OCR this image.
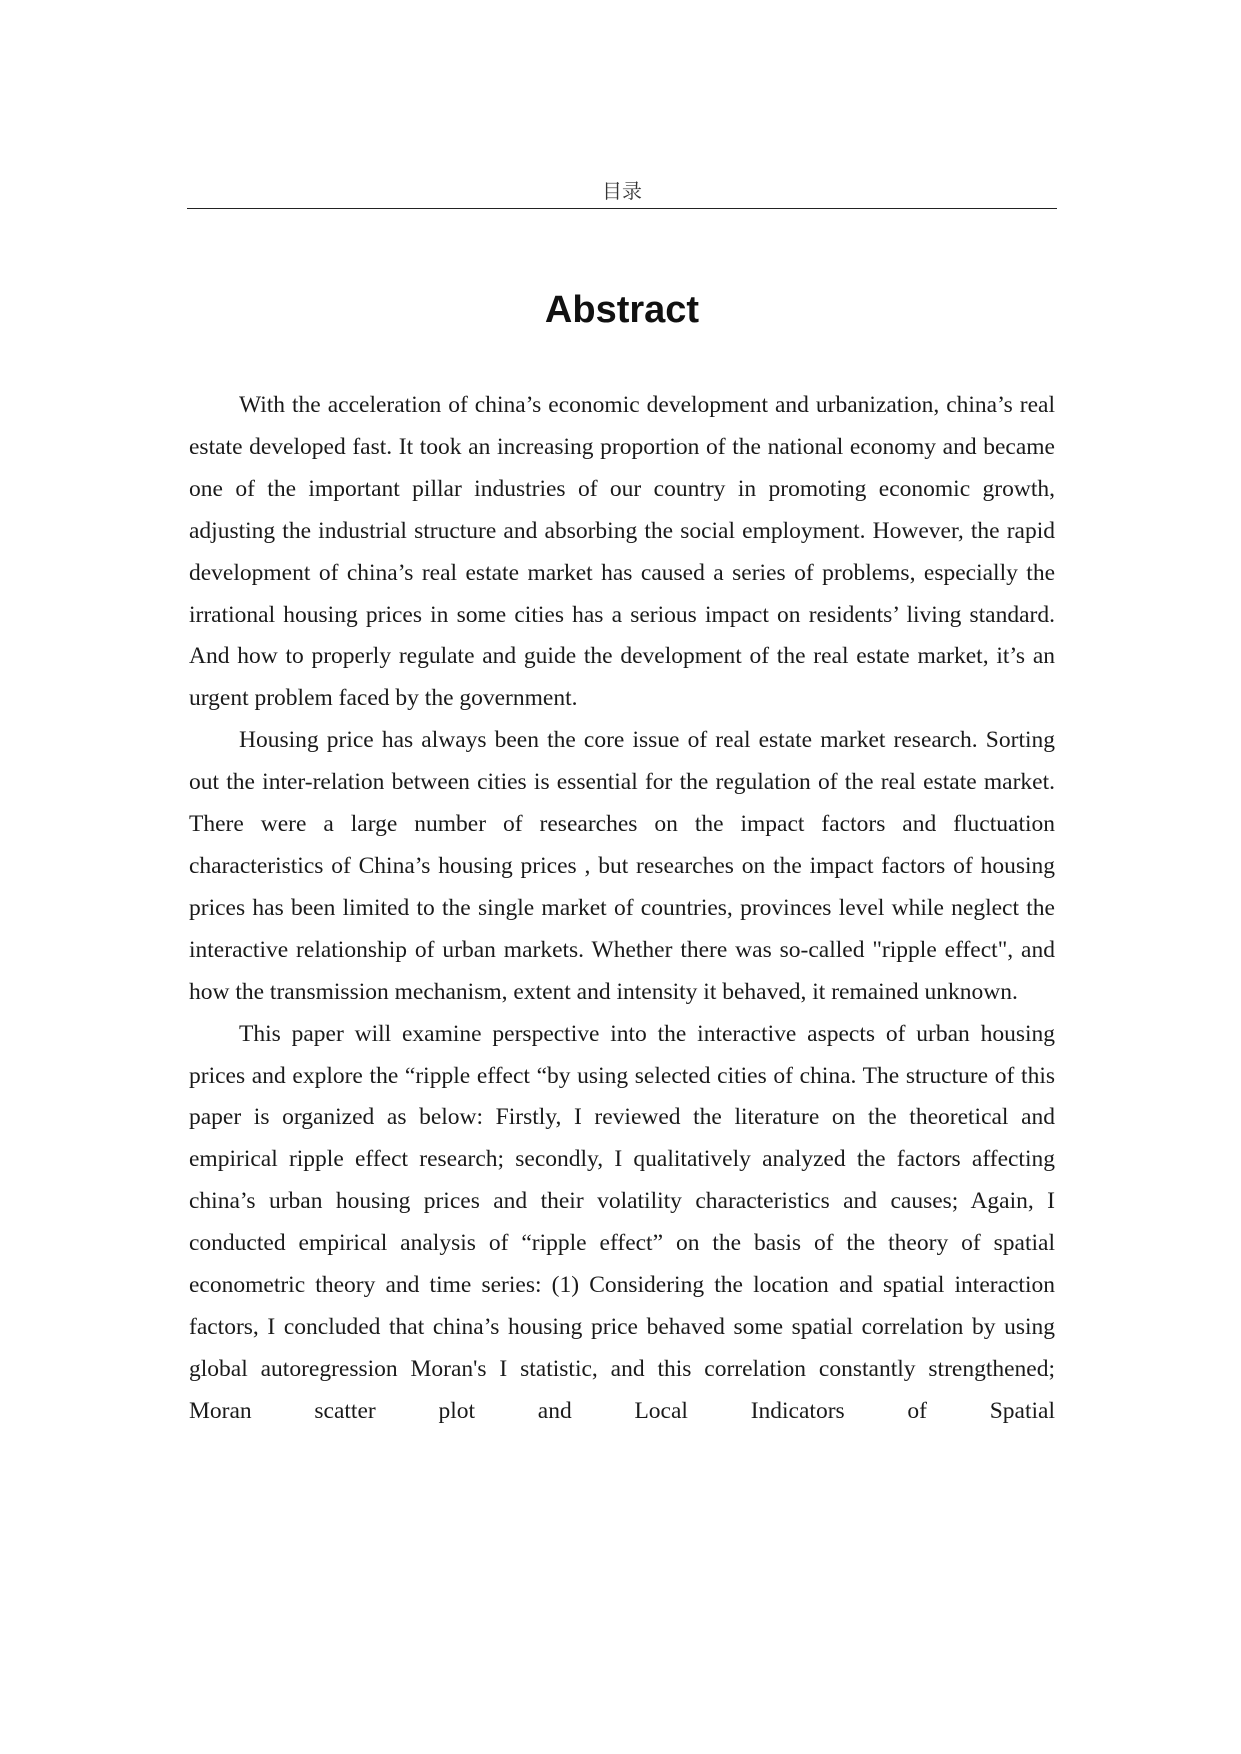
目录
Abstract

With the acceleration of china’s economic development and urbanization, china’s real estate developed fast. It took an increasing proportion of the national economy and became one of the important pillar industries of our country in promoting economic growth, adjusting the industrial structure and absorbing the social employment. However, the rapid development of china’s real estate market has caused a series of problems, especially the irrational housing prices in some cities has a serious impact on residents’ living standard. And how to properly regulate and guide the development of the real estate market, it’s an urgent problem faced by the government.

Housing price has always been the core issue of real estate market research. Sorting out the inter-relation between cities is essential for the regulation of the real estate market. There were a large number of researches on the impact factors and fluctuation characteristics of China’s housing prices , but researches on the impact factors of housing prices has been limited to the single market of countries, provinces level while neglect the interactive relationship of urban markets. Whether there was so-called "ripple effect", and how the transmission mechanism, extent and intensity it behaved, it remained unknown.

This paper will examine perspective into the interactive aspects of urban housing prices and explore the “ripple effect “by using selected cities of china. The structure of this paper is organized as below: Firstly, I reviewed the literature on the theoretical and empirical ripple effect research; secondly, I qualitatively analyzed the factors affecting china’s urban housing prices and their volatility characteristics and causes; Again, I conducted empirical analysis of “ripple effect” on the basis of the theory of spatial econometric theory and time series: (1) Considering the location and spatial interaction factors, I concluded that china’s housing price behaved some spatial correlation by using global autoregression Moran's I statistic, and this correlation constantly strengthened; Moran scatter plot and Local Indicators of Spatial
